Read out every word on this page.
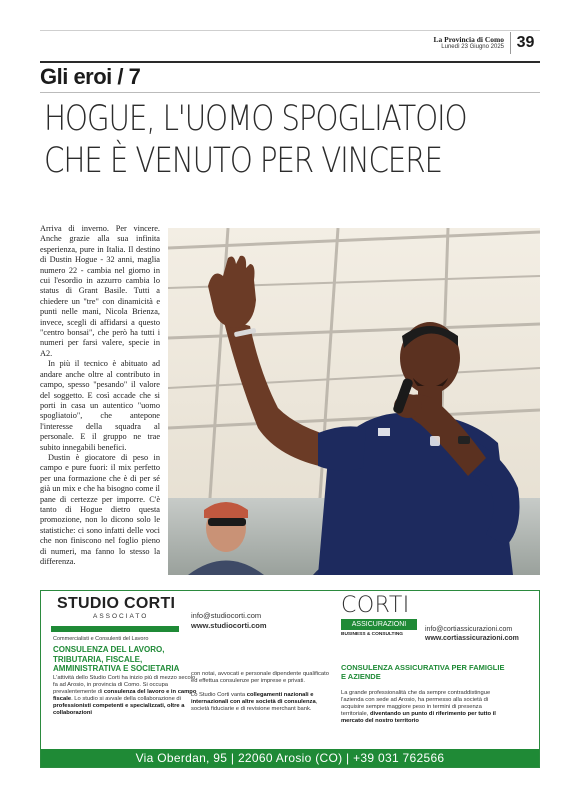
La Provincia di Como
Lunedì 23 Giugno 2025 39
Gli eroi / 7
HOGUE, L'UOMO SPOGLIATOIO
CHE È VENUTO PER VINCERE

Arriva di inverno. Per vincere. Anche grazie alla sua infinita esperienza, pure in Italia. Il destino di Dustin Hogue - 32 anni, maglia numero 22 - cambia nel giorno in cui l'esordio in azzurro cambia lo status di Grant Basile. Tutti a chiedere un "tre" con dinamicità e punti nelle mani, Nicola Brienza, invece, scegli di affidarsi a questo "centro bonsai", che però ha tutti i numeri per farsi valere, specie in A2.

In più il tecnico è abituato ad andare anche oltre al contributo in campo, spesso "pesando" il valore del soggetto. E così accade che si porti in casa un autentico "uomo spogliatoio", che antepone l'interesse della squadra al personale. E il gruppo ne trae subito innegabili benefici.

Dustin è giocatore di peso in campo e pure fuori: il mix perfetto per una formazione che è di per sé già un mix e che ha bisogno come il pane di certezze per imporre. C'è tanto di Hogue dietro questa promozione, non lo dicono solo le statistiche: ci sono infatti delle voci che non finiscono nel foglio pieno di numeri, ma fanno lo stesso la differenza.

STUDIO CORTI
ASSOCIATO
Commercialisti e Consulenti del Lavoro
CONSULENZA DEL LAVORO, TRIBUTARIA, FISCALE, AMMINISTRATIVA E SOCIETARIA
L'attività dello Studio Corti ha inizio più di mezzo secolo fa ad Arosio, in provincia di Como. Si occupa prevalentemente di consulenza del lavoro e in campo fiscale. Lo studio si avvale della collaborazione di professionisti competenti e specializzati, oltre a collaborazioni
info@studiocorti.com
www.studiocorti.com
con notai, avvocati e personale dipendente qualificato ed effettua consulenze per imprese e privati.

Lo Studio Corti vanta collegamenti nazionali e internazionali con altre società di consulenza, società fiduciarie e di revisione merchant bank.
CORTI
ASSICURAZIONI
BUSINESS & CONSULTING
info@cortiassicurazioni.com
www.cortiassicurazioni.com
CONSULENZA ASSICURATIVA PER FAMIGLIE E AZIENDE
La grande professionalità che da sempre contraddistingue l'azienda con sede ad Arosio, ha permesso alla società di acquisire sempre maggiore peso in termini di presenza territoriale, diventando un punto di riferimento per tutto il mercato del nostro territorio
Via Oberdan, 95 | 22060 Arosio (CO) | +39 031 762566
